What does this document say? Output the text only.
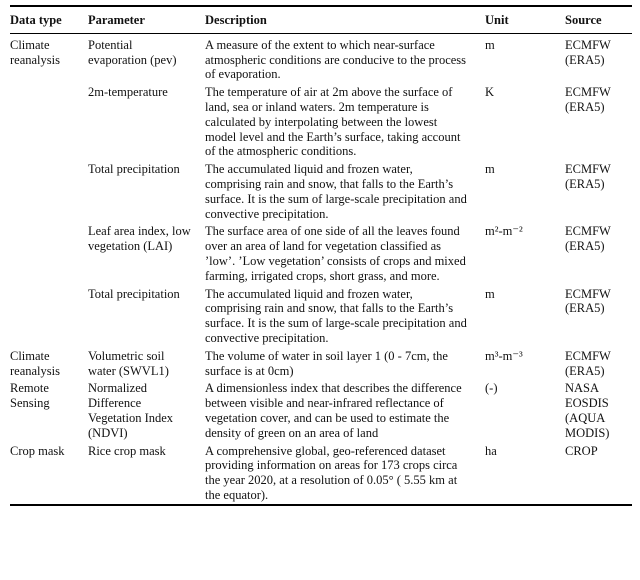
Data type	Parameter	Description	Unit	Source
Climate reanalysis	Potential evaporation (pev)	A measure of the extent to which near-surface atmospheric conditions are conducive to the process of evaporation.	m	ECMFW (ERA5)
	2m-temperature	The temperature of air at 2m above the surface of land, sea or inland waters. 2m temperature is calculated by interpolating between the lowest model level and the Earth’s surface, taking account of the atmospheric conditions.	K	ECMFW (ERA5)
	Total precipitation	The accumulated liquid and frozen water, comprising rain and snow, that falls to the Earth’s surface. It is the sum of large-scale precipitation and convective precipitation.	m	ECMFW (ERA5)
	Leaf area index, low vegetation (LAI)	The surface area of one side of all the leaves found over an area of land for vegetation classified as ’low’. ’Low vegetation’ consists of crops and mixed farming, irrigated crops, short grass, and more.	m²-m⁻²	ECMFW (ERA5)
	Total precipitation	The accumulated liquid and frozen water, comprising rain and snow, that falls to the Earth’s surface. It is the sum of large-scale precipitation and convective precipitation.	m	ECMFW (ERA5)
Climate reanalysis	Volumetric soil water (SWVL1)	The volume of water in soil layer 1 (0 - 7cm, the surface is at 0cm)	m³-m⁻³	ECMFW (ERA5)
Remote Sensing	Normalized Difference Vegetation Index (NDVI)	A dimensionless index that describes the difference between visible and near-infrared reflectance of vegetation cover, and can be used to estimate the density of green on an area of land	(-)	NASA EOSDIS (AQUA MODIS)
Crop mask	Rice crop mask	A comprehensive global, geo-referenced dataset providing information on areas for 173 crops circa the year 2020, at a resolution of 0.05° ( 5.55 km at the equator).	ha	CROP
